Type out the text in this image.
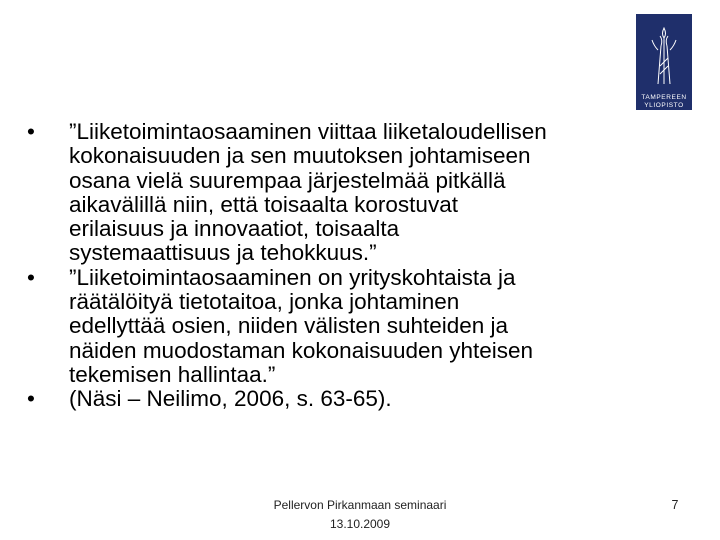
TAMPEREEN
YLIOPISTO
•	”Liiketoimintaosaaminen viittaa liiketaloudellisen
kokonaisuuden ja sen muutoksen johtamiseen
osana vielä suurempaa järjestelmää pitkällä
aikavälillä niin, että toisaalta korostuvat
erilaisuus ja innovaatiot, toisaalta
systemaattisuus ja tehokkuus.”
•	”Liiketoimintaosaaminen on yrityskohtaista ja
räätälöityä tietotaitoa, jonka johtaminen
edellyttää osien, niiden välisten suhteiden ja
näiden muodostaman kokonaisuuden yhteisen
tekemisen hallintaa.”
•	(Näsi – Neilimo, 2006, s. 63-65).
Pellervon Pirkanmaan seminaari
13.10.2009
7
